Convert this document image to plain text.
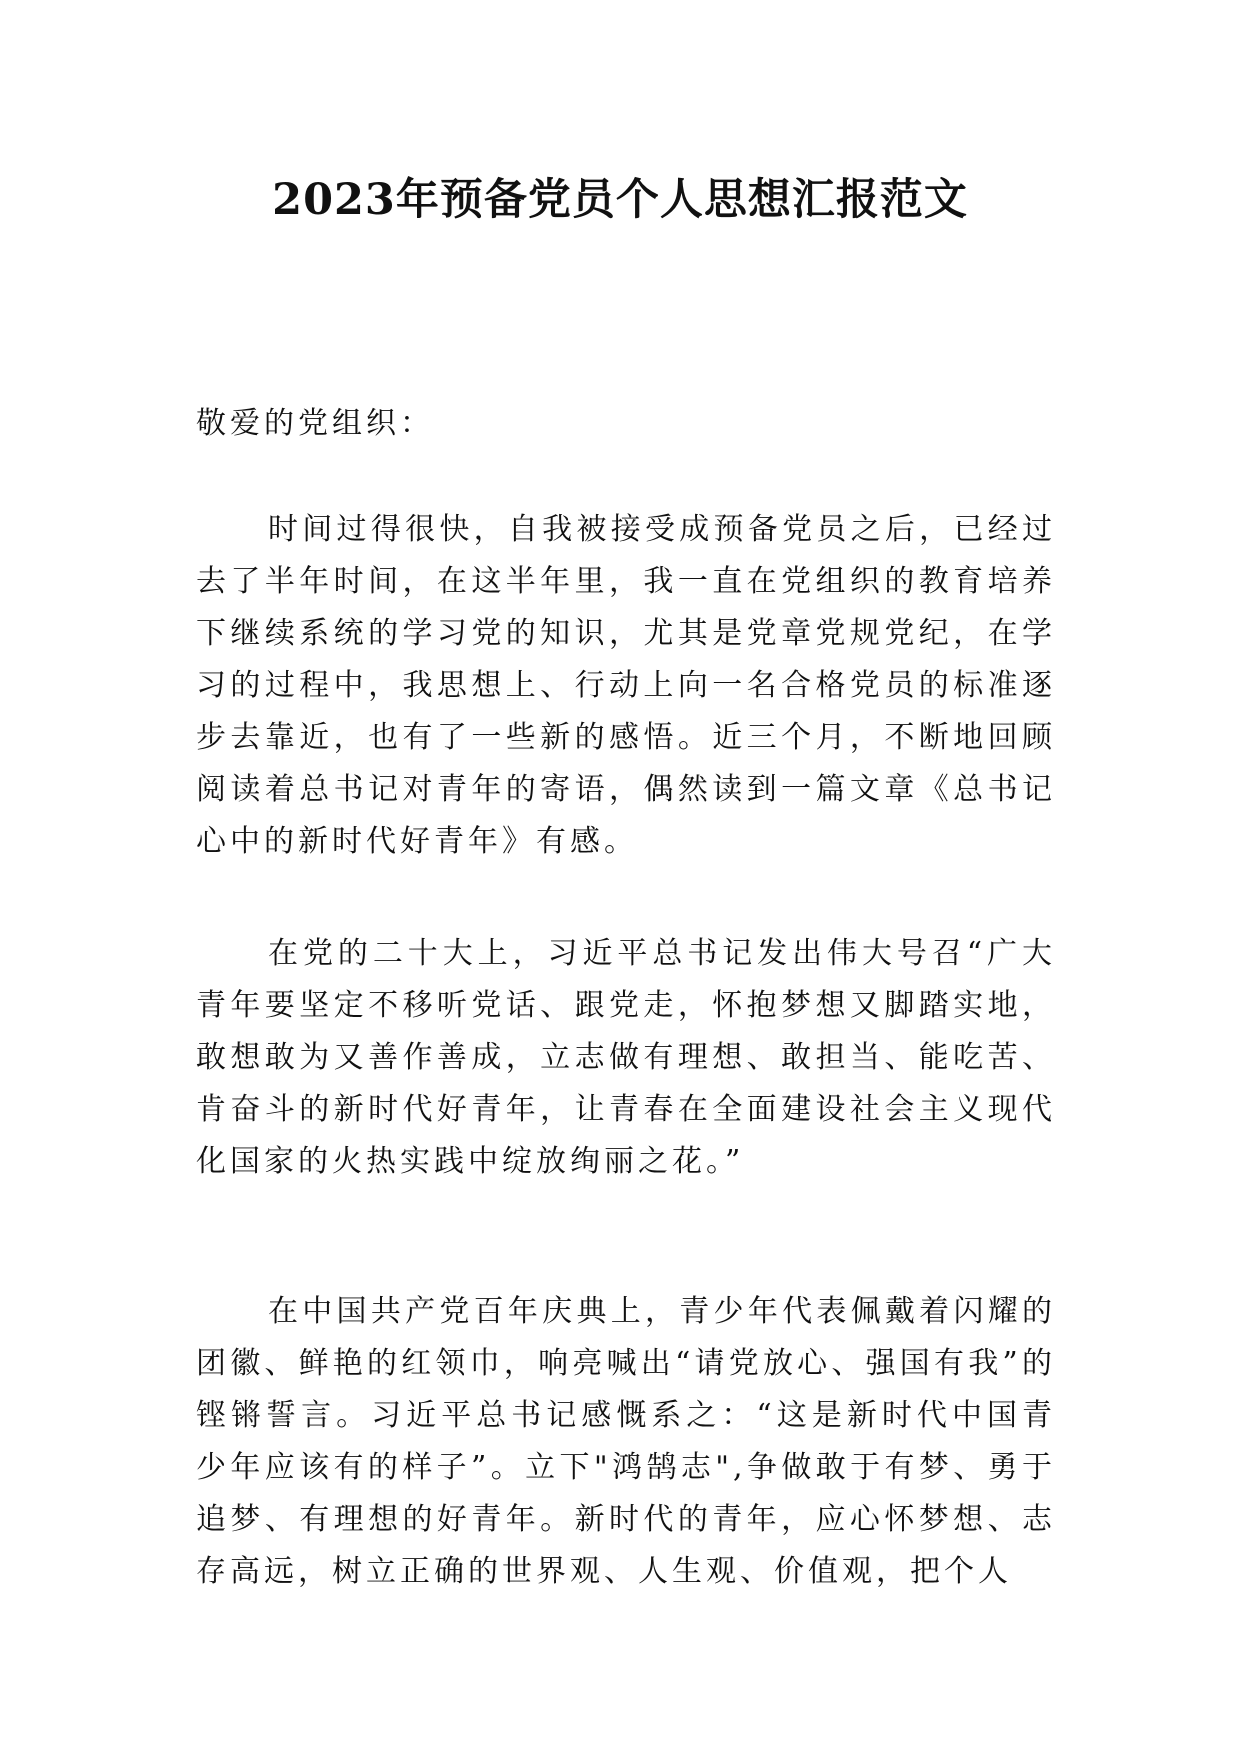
2023年预备党员个人思想汇报范文

敬爱的党组织：

时间过得很快，自我被接受成预备党员之后，已经过去了半年时间，在这半年里，我一直在党组织的教育培养下继续系统的学习党的知识，尤其是党章党规党纪，在学习的过程中，我思想上、行动上向一名合格党员的标准逐步去靠近，也有了一些新的感悟。近三个月，不断地回顾阅读着总书记对青年的寄语，偶然读到一篇文章《总书记心中的新时代好青年》有感。

在党的二十大上，习近平总书记发出伟大号召“广大青年要坚定不移听党话、跟党走，怀抱梦想又脚踏实地，敢想敢为又善作善成，立志做有理想、敢担当、能吃苦、肯奋斗的新时代好青年，让青春在全面建设社会主义现代化国家的火热实践中绽放绚丽之花。”

在中国共产党百年庆典上，青少年代表佩戴着闪耀的团徽、鲜艳的红领巾，响亮喊出“请党放心、强国有我”的铿锵誓言。习近平总书记感慨系之：“这是新时代中国青少年应该有的样子”。立下"鸿鹄志",争做敢于有梦、勇于追梦、有理想的好青年。新时代的青年，应心怀梦想、志存高远，树立正确的世界观、人生观、价值观，把个人
